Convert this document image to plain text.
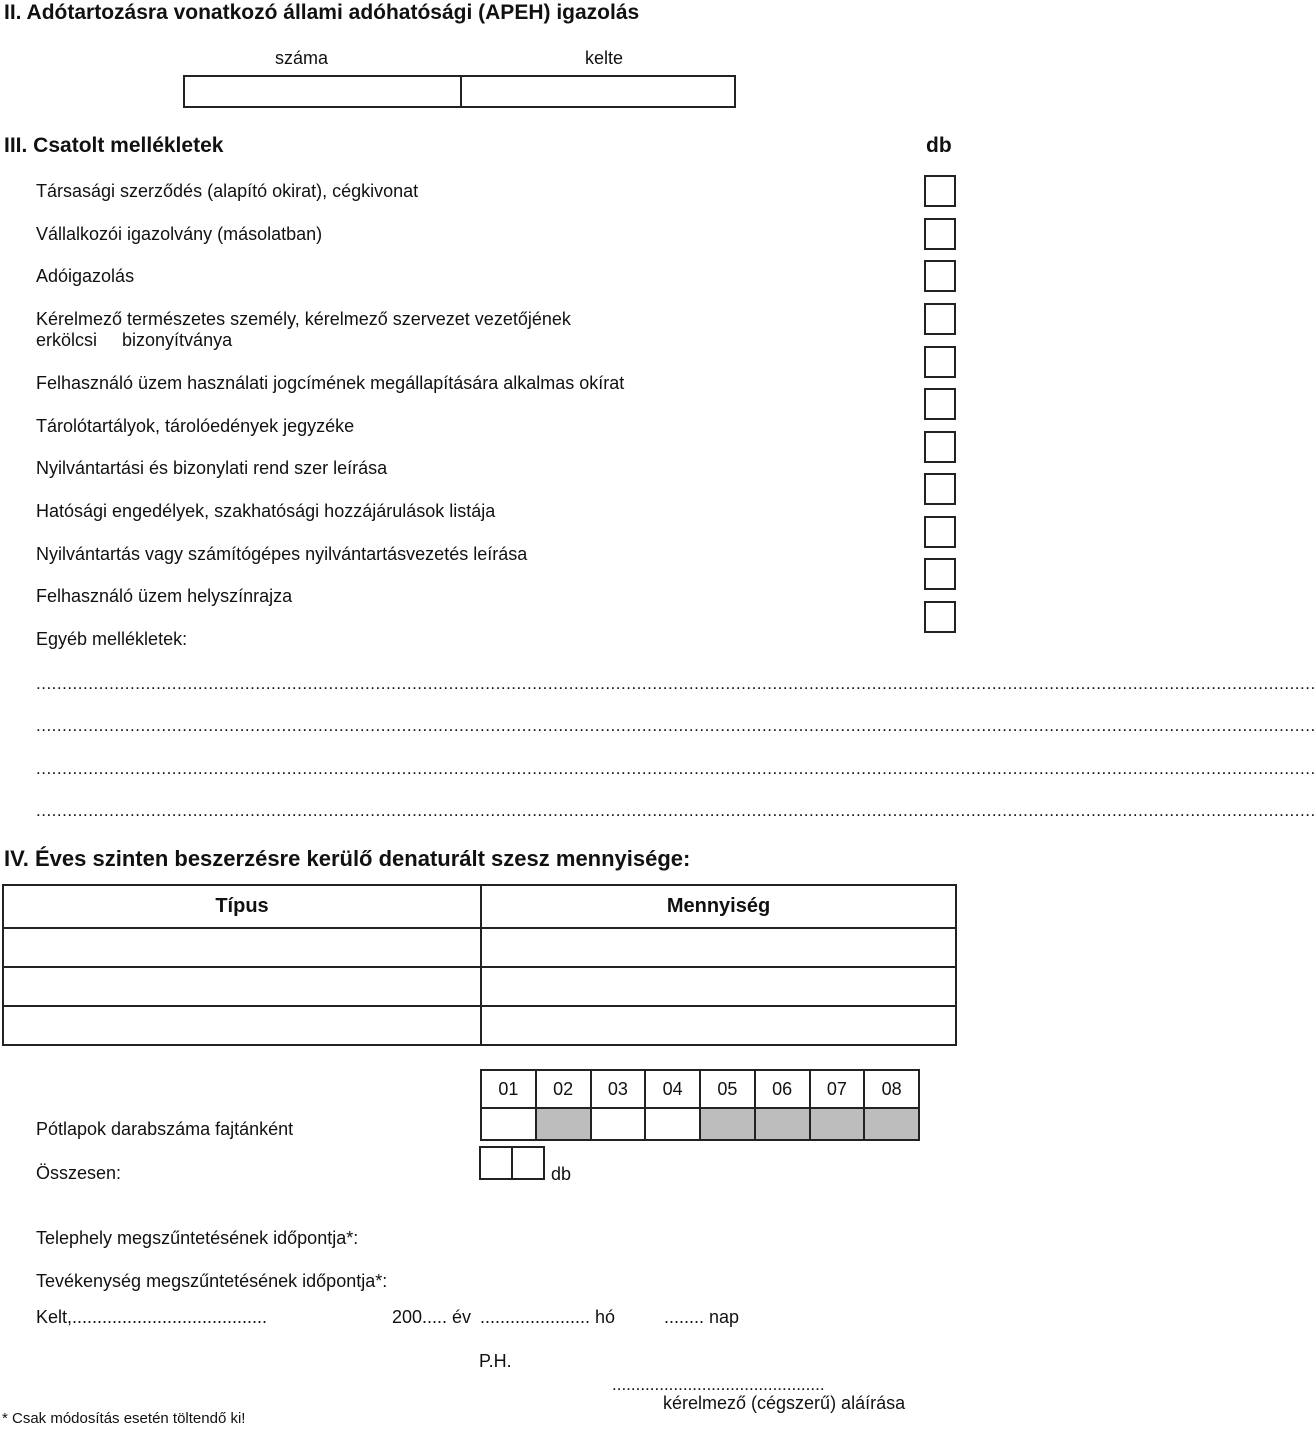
II. Adótartozásra vonatkozó állami adóhatósági (APEH) igazolás
száma	kelte
III. Csatolt mellékletek	db
Társasági szerződés (alapító okirat), cégkivonat
Vállalkozói igazolvány (másolatban)
Adóigazolás
Kérelmező természetes személy, kérelmező szervezet vezetőjének
erkölcsi     bizonyítványa
Felhasználó üzem használati jogcímének megállapítására alkalmas okírat
Tárolótartályok, tárolóedények jegyzéke
Nyilvántartási és bizonylati rend szer leírása
Hatósági engedélyek, szakhatósági hozzájárulások listája
Nyilvántartás vagy számítógépes nyilvántartásvezetés leírása
Felhasználó üzem helyszínrajza
Egyéb mellékletek:
.....................................................................................................................................................................................................................................................
.....................................................................................................................................................................................................................................................
.....................................................................................................................................................................................................................................................
.....................................................................................................................................................................................................................................................
IV. Éves szinten beszerzésre kerülő denaturált szesz mennyisége:
Típus	Mennyiség

01	02	03	04	05	06	07	08

Pótlapok darabszáma fajtánként
Összesen:	db
Telephely megszűntetésének időpontja*:
Tevékenység megszűntetésének időpontja*:
Kelt,.......................................	200..... év ...................... hó	........ nap
P.H.
.............................................
kérelmező (cégszerű) aláírása
* Csak módosítás esetén töltendő ki!
